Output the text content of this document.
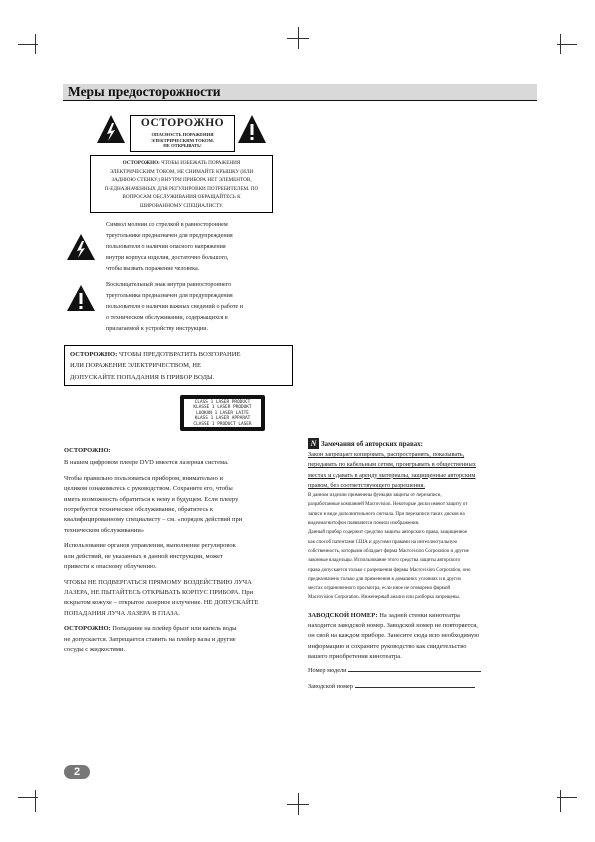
Меры предосторожности
ОСТОРОЖНО
ОПАСНОСТЬ ПОРАЖЕНИЯ
ЭЛЕКТРИЧЕСКИМ ТОКОМ.
НЕ ОТКРЫВАТЬ!
ОСТОРОЖНО: ЧТОБЫ ИЗБЕЖАТЬ ПОРАЖЕНИЯ
ЭЛЕКТРИЧЕСКИМ ТОКОМ, НЕ СНИМАЙТЕ КРЫШКУ (ИЛИ
ЗАДНЮЮ СТЕНКУ.) ВНУТРИ ПРИБОРА НЕТ ЭЛЕМЕНТОВ,
П-ЕДНАЗНАЧЕННЫХ ДЛЯ РЕГУЛИРОВКИ ПОТРЕБИТЕЛЕМ. ПО
ВОПРОСАМ ОБСЛУЖИВАНИЯ ОБРАЩАЙТЕСЬ К
ШИРОВАННОМУ СПЕЦИАЛИСТУ.
Символ молнии со стрелкой в равностороннем
треугольнике предназначен для предупреждения
пользователя о наличии опасного напряжения
внутри корпуса изделия, достаточно большого,
чтобы вызвать поражение человека.
Восклицательный знак внутри равностороннего
треугольника предназначен для предупреждения
пользователя о наличии важных сведений о работе и
о техническом обслуживании, содержащихся в
прилагаемой к устройству инструкции.
ОСТОРОЖНО: ЧТОБЫ ПРЕДОТВРАТИТЬ ВОЗГОРАНИЕ
ИЛИ ПОРАЖЕНИЕ ЭЛЕКТРИЧЕСТВОМ, НЕ
ДОПУСКАЙТЕ ПОПАДАНИЯ В ПРИБОР ВОДЫ.
CLASS 1 LASER PRODUCT
KLASSE 1 LASER PRODUKT
LUOKAN 1 LASER LAITE
KLASS 1 LASER APPARAT
CLASSE 1 PRODUCT LASER

ОСТОРОЖНО:

В нашем цифровом плеере DVD имеется лазерная система.

Чтобы правильно пользоваться прибором, внимательно и
целиком ознакомьтесь с руководством. Сохраните его, чтобы
иметь возможность обратиться к нему в будущем. Если плееру
потребуется техническое обслуживание, обратитесь к
квалифицированному специалисту – см. «порядок действий при
техническом обслуживании»

Использование органов управления, выполнение регулировок
или действий, не указанных в данной инструкции, может
привести к опасному облучению.

ЧТОБЫ НЕ ПОДВЕРГАТЬСЯ ПРЯМОМУ ВОЗДЕЙСТВИЮ ЛУЧА
ЛАЗЕРА, НЕ ПЫТАЙТЕСЬ ОТКРЫВАТЬ КОРПУС ПРИБОРА. При
вскрытом кожухе – открытое лазерное излучение. НЕ ДОПУСКАЙТЕ
ПОПАДАНИЯ ЛУЧА ЛАЗЕРА В ГЛАЗА.

ОСТОРОЖНО: Попадание на плейер брызг или капель воды
не допускается. Запрещается ставить на плейер вазы и другие
сосуды с жидкостями.

N Замечания об авторских правах:
Закон запрещает копировать, распространять, показывать,
передавать по кабельным сетям, проигрывать в общественных
местах и сдавать в аренду материалы, защищенные авторским
правом, без соответствующего разрешения.
В данном изделии применены функция защиты от перезаписи,
разработанные компанией Macrovision. Некоторые диски имеют защиту от
записи в виде дополнительного сигнала. При перезаписи таких дисков на
видеомагнитофон появляются помехи изображения.
Данный прибор содержит средство защиты авторского права, защищенное
как способ патентами США и другими правами на интеллектуальную
собственность, которыми обладает фирма Macrovision Corporation и другие
законные владельцы. Использование этого средства защиты авторского
права допускается только с разрешения фирмы Macrovision Corporation, оно
предназначено только для применения в домашних условиях и в других
местах ограниченного просмотра, если иное не оговорено фирмой
Macrovision Corporation. Инженерный анализ или разборка запрещены.
ЗАВОДСКОЙ НОМЕР: На задней стенки кинотеатра
находится заводской номер. Заводской номер не повторяется,
он свой на каждом приборе. Занесите сюда всю необходимую
информацию и сохраните руководство как свидетельство
вашего приобретения кинотеатра.
Номер модели
Заводской номер
2
